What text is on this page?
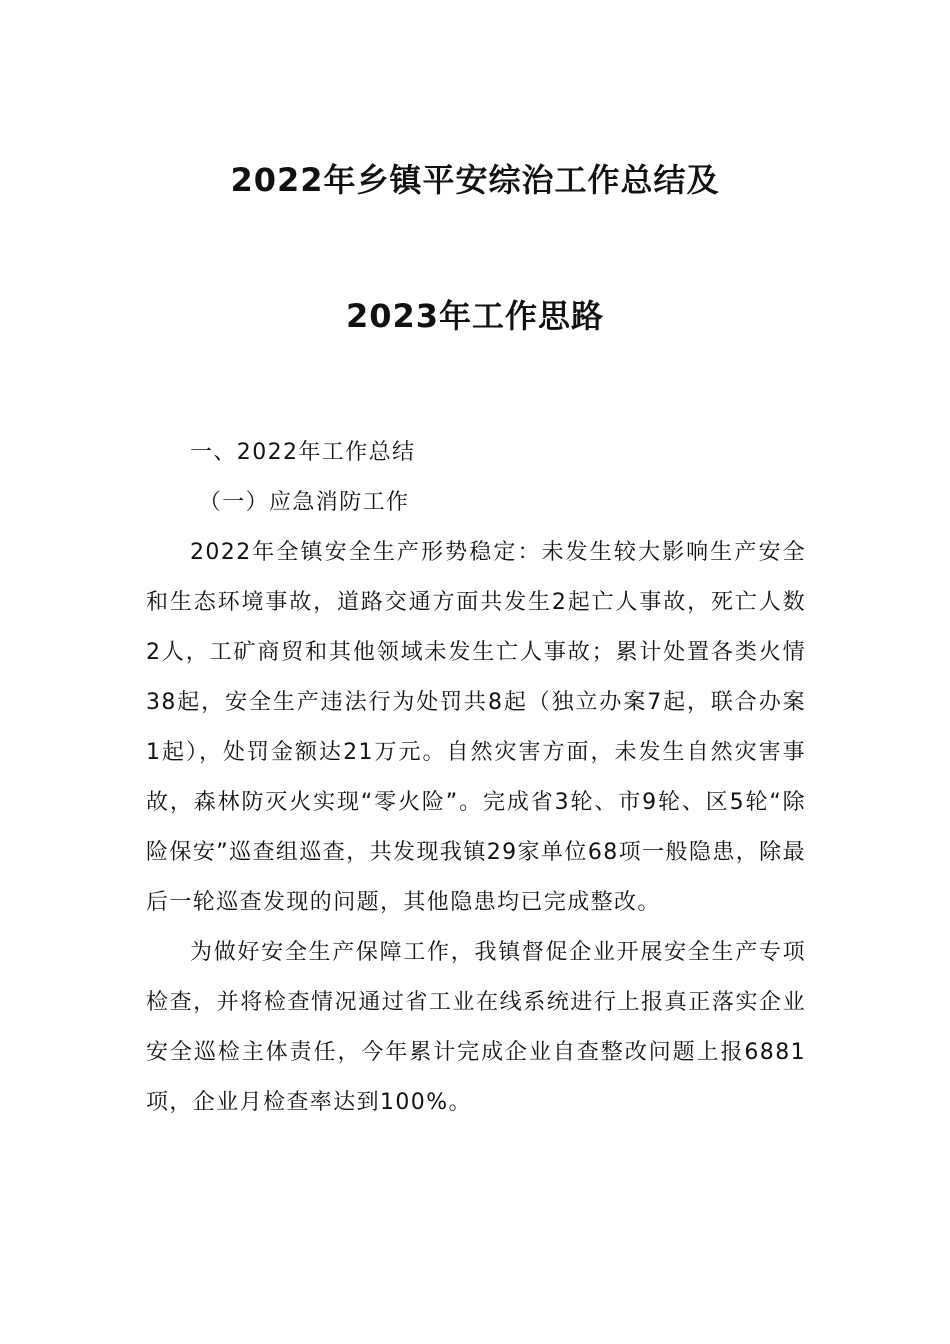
2022年乡镇平安综治工作总结及
2023年工作思路

一、2022年工作总结

（一）应急消防工作

2022年全镇安全生产形势稳定：未发生较大影响生产安全和生态环境事故，道路交通方面共发生2起亡人事故，死亡人数2人，工矿商贸和其他领域未发生亡人事故；累计处置各类火情38起，安全生产违法行为处罚共8起（独立办案7起，联合办案1起），处罚金额达21万元。自然灾害方面，未发生自然灾害事故，森林防灭火实现“零火险”。完成省3轮、市9轮、区5轮“除险保安”巡查组巡查，共发现我镇29家单位68项一般隐患，除最后一轮巡查发现的问题，其他隐患均已完成整改。

为做好安全生产保障工作，我镇督促企业开展安全生产专项检查，并将检查情况通过省工业在线系统进行上报真正落实企业安全巡检主体责任，今年累计完成企业自查整改问题上报6881项，企业月检查率达到100%。
